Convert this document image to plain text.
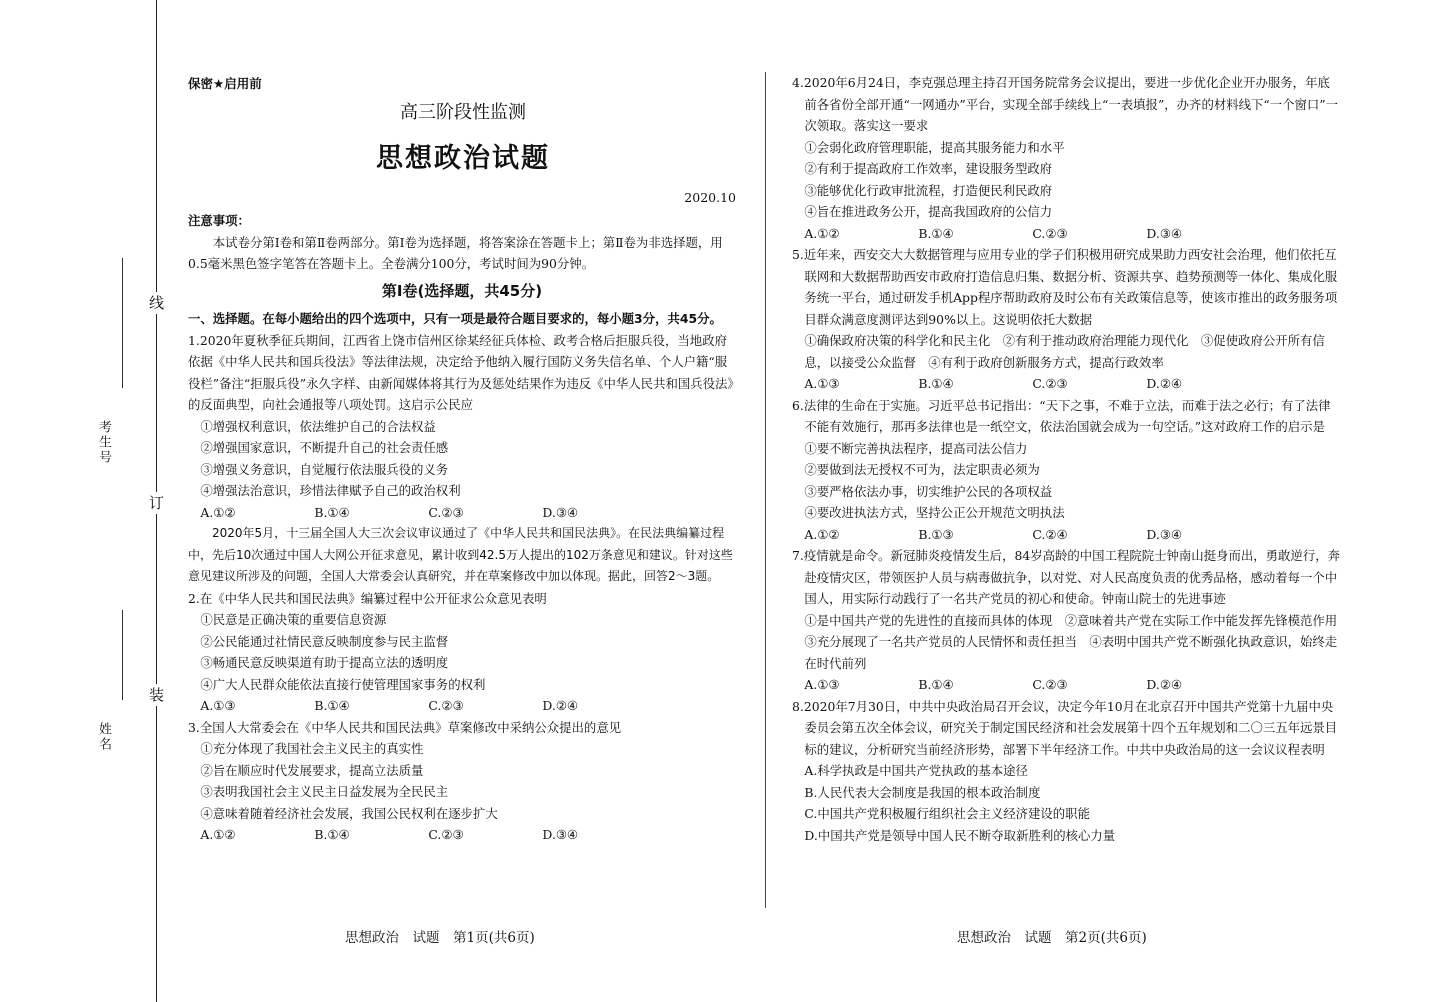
线
订
装
考生号
姓名
保密★启用前
高三阶段性监测
思想政治试题
2020.10

注意事项：

本试卷分第Ⅰ卷和第Ⅱ卷两部分。第Ⅰ卷为选择题，将答案涂在答题卡上；第Ⅱ卷为非选择题，用0.5毫米黑色签字笔答在答题卡上。全卷满分100分，考试时间为90分钟。

第Ⅰ卷(选择题，共45分)

一、选择题。在每小题给出的四个选项中，只有一项是最符合题目要求的，每小题3分，共45分。

1.2020年夏秋季征兵期间，江西省上饶市信州区徐某经征兵体检、政考合格后拒服兵役，当地政府依据《中华人民共和国兵役法》等法律法规，决定给予他纳入履行国防义务失信名单、个人户籍“服役栏”备注“拒服兵役”永久字样、由新闻媒体将其行为及惩处结果作为违反《中华人民共和国兵役法》的反面典型，向社会通报等八项处罚。这启示公民应

①增强权利意识，依法维护自己的合法权益

②增强国家意识，不断提升自己的社会责任感

③增强义务意识，自觉履行依法服兵役的义务

④增强法治意识，珍惜法律赋予自己的政治权利

A.①②	B.①④	C.②③	D.③④

2020年5月，十三届全国人大三次会议审议通过了《中华人民共和国民法典》。在民法典编纂过程中，先后10次通过中国人大网公开征求意见，累计收到42.5万人提出的102万条意见和建议。针对这些意见建议所涉及的问题，全国人大常委会认真研究，并在草案修改中加以体现。据此，回答2～3题。

2.在《中华人民共和国民法典》编纂过程中公开征求公众意见表明

①民意是正确决策的重要信息资源

②公民能通过社情民意反映制度参与民主监督

③畅通民意反映渠道有助于提高立法的透明度

④广大人民群众能依法直接行使管理国家事务的权利

A.①③	B.①④	C.②③	D.②④

3.全国人大常委会在《中华人民共和国民法典》草案修改中采纳公众提出的意见

①充分体现了我国社会主义民主的真实性

②旨在顺应时代发展要求，提高立法质量

③表明我国社会主义民主日益发展为全民民主

④意味着随着经济社会发展，我国公民权利在逐步扩大

A.①②	B.①④	C.②③	D.③④

4.2020年6月24日，李克强总理主持召开国务院常务会议提出，要进一步优化企业开办服务，年底前各省份全部开通“一网通办”平台，实现全部手续线上“一表填报”，办齐的材料线下“一个窗口”一次领取。落实这一要求

①会弱化政府管理职能，提高其服务能力和水平

②有利于提高政府工作效率，建设服务型政府

③能够优化行政审批流程，打造便民利民政府

④旨在推进政务公开，提高我国政府的公信力

A.①②	B.①④	C.②③	D.③④

5.近年来，西安交大大数据管理与应用专业的学子们积极用研究成果助力西安社会治理，他们依托互联网和大数据帮助西安市政府打造信息归集、数据分析、资源共享、趋势预测等一体化、集成化服务统一平台，通过研发手机App程序帮助政府及时公布有关政策信息等，使该市推出的政务服务项目群众满意度测评达到90%以上。这说明依托大数据

①确保政府决策的科学化和民主化　②有利于推动政府治理能力现代化　③促使政府公开所有信息，以接受公众监督　④有利于政府创新服务方式，提高行政效率

A.①③	B.①④	C.②③	D.②④

6.法律的生命在于实施。习近平总书记指出：“天下之事，不难于立法，而难于法之必行；有了法律不能有效施行，那再多法律也是一纸空文，依法治国就会成为一句空话。”这对政府工作的启示是

①要不断完善执法程序，提高司法公信力

②要做到法无授权不可为，法定职责必须为

③要严格依法办事，切实维护公民的各项权益

④要改进执法方式，坚持公正公开规范文明执法

A.①②	B.①③	C.②④	D.③④

7.疫情就是命令。新冠肺炎疫情发生后，84岁高龄的中国工程院院士钟南山挺身而出，勇敢逆行，奔赴疫情灾区，带领医护人员与病毒做抗争，以对党、对人民高度负责的优秀品格，感动着每一个中国人，用实际行动践行了一名共产党员的初心和使命。钟南山院士的先进事迹

①是中国共产党的先进性的直接而具体的体现　②意味着共产党在实际工作中能发挥先锋模范作用　③充分展现了一名共产党员的人民情怀和责任担当　④表明中国共产党不断强化执政意识，始终走在时代前列

A.①③	B.①④	C.②③	D.②④

8.2020年7月30日，中共中央政治局召开会议，决定今年10月在北京召开中国共产党第十九届中央委员会第五次全体会议，研究关于制定国民经济和社会发展第十四个五年规划和二〇三五年远景目标的建议，分析研究当前经济形势，部署下半年经济工作。中共中央政治局的这一会议议程表明

A.科学执政是中国共产党执政的基本途径

B.人民代表大会制度是我国的根本政治制度

C.中国共产党积极履行组织社会主义经济建设的职能

D.中国共产党是领导中国人民不断夺取新胜利的核心力量

思想政治　试题　第1页(共6页)	思想政治　试题　第2页(共6页)
